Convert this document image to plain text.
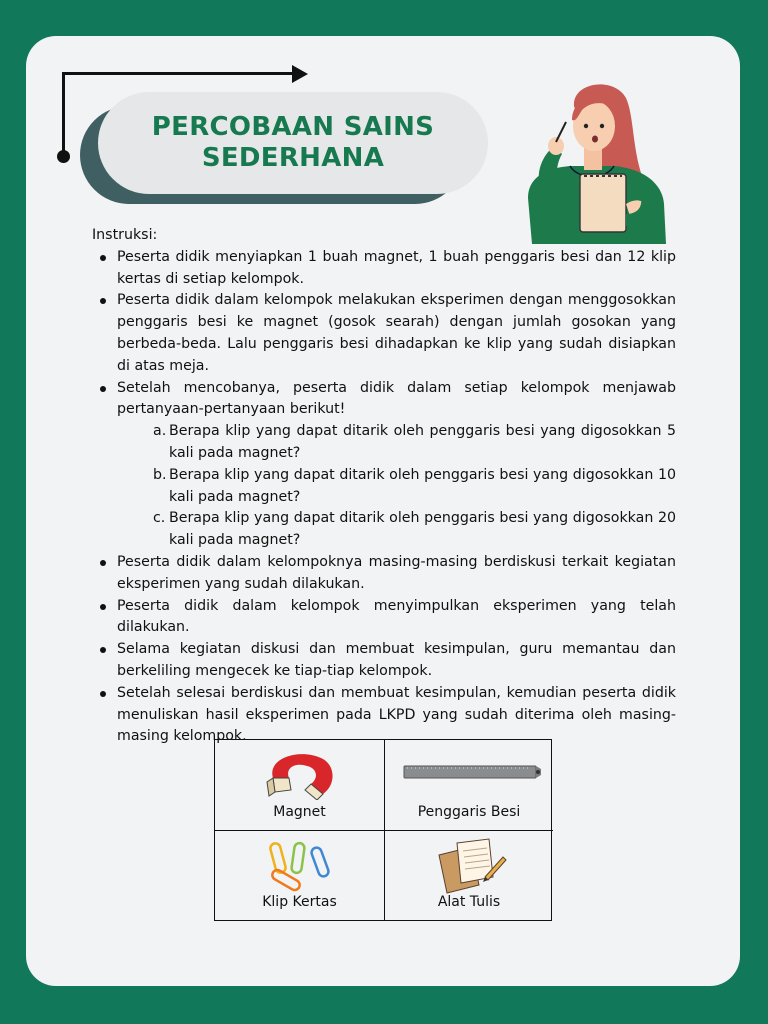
PERCOBAAN SAINS
SEDERHANA

Instruksi:

Peserta didik menyiapkan 1 buah magnet, 1 buah penggaris besi dan 12 klip kertas di setiap kelompok.
Peserta didik dalam kelompok melakukan eksperimen dengan menggosokkan penggaris besi ke magnet (gosok searah) dengan jumlah gosokan yang berbeda-beda. Lalu penggaris besi dihadapkan ke klip yang sudah disiapkan di atas meja.
Setelah mencobanya, peserta didik dalam setiap kelompok menjawab pertanyaan-pertanyaan berikut!
a. Berapa klip yang dapat ditarik oleh penggaris besi yang digosokkan 5 kali pada magnet?
b. Berapa klip yang dapat ditarik oleh penggaris besi yang digosokkan 10 kali pada magnet?
c. Berapa klip yang dapat ditarik oleh penggaris besi yang digosokkan 20 kali pada magnet?
Peserta didik dalam kelompoknya masing-masing berdiskusi terkait kegiatan eksperimen yang sudah dilakukan.
Peserta didik dalam kelompok menyimpulkan eksperimen yang telah dilakukan.
Selama kegiatan diskusi dan membuat kesimpulan, guru memantau dan berkeliling mengecek ke tiap-tiap kelompok.
Setelah selesai berdiskusi dan membuat kesimpulan, kemudian peserta didik menuliskan hasil eksperimen pada LKPD yang sudah diterima oleh masing-masing kelompok.
Magnet	Penggaris Besi
Klip Kertas	Alat Tulis
